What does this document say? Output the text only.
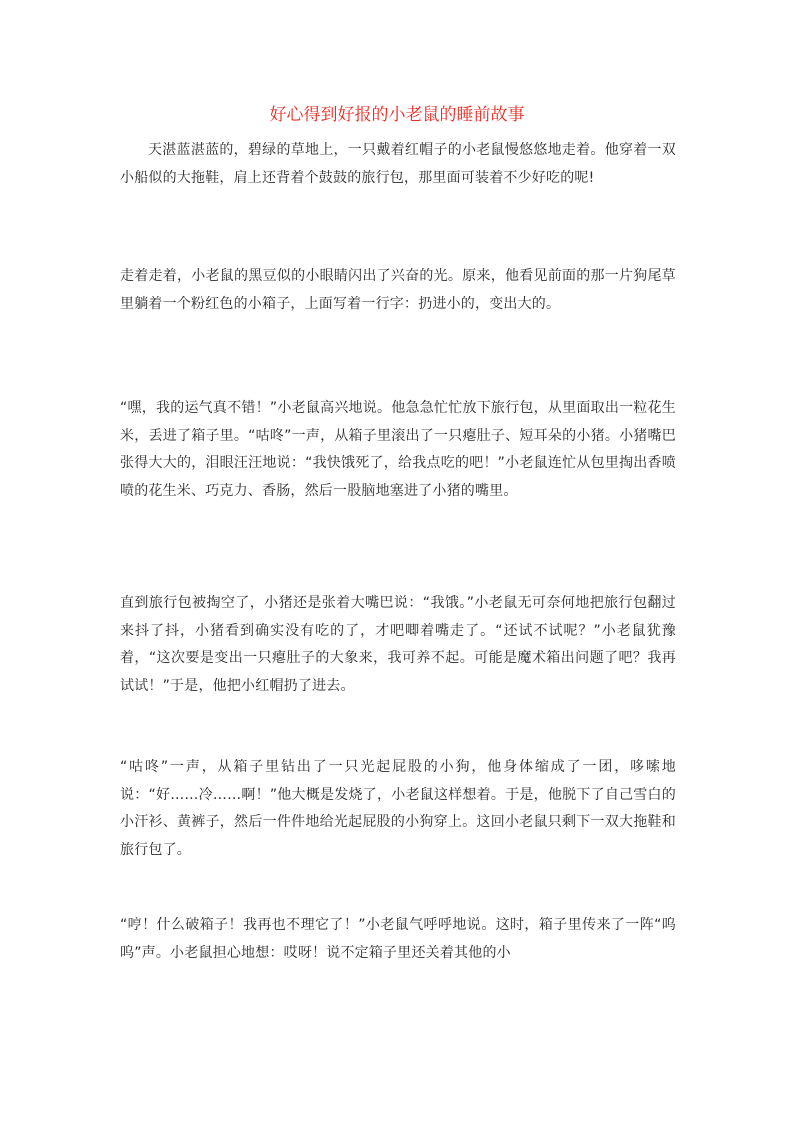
好心得到好报的小老鼠的睡前故事

天湛蓝湛蓝的，碧绿的草地上，一只戴着红帽子的小老鼠慢悠悠地走着。他穿着一双小船似的大拖鞋，肩上还背着个鼓鼓的旅行包，那里面可装着不少好吃的呢!

走着走着，小老鼠的黑豆似的小眼睛闪出了兴奋的光。原来，他看见前面的那一片狗尾草里躺着一个粉红色的小箱子，上面写着一行字：扔进小的，变出大的。

“嘿，我的运气真不错！”小老鼠高兴地说。他急急忙忙放下旅行包，从里面取出一粒花生米，丢进了箱子里。“咕咚”一声，从箱子里滚出了一只瘪肚子、短耳朵的小猪。小猪嘴巴张得大大的，泪眼汪汪地说：“我快饿死了，给我点吃的吧！”小老鼠连忙从包里掏出香喷喷的花生米、巧克力、香肠，然后一股脑地塞进了小猪的嘴里。

直到旅行包被掏空了，小猪还是张着大嘴巴说：“我饿。”小老鼠无可奈何地把旅行包翻过来抖了抖，小猪看到确实没有吃的了，才吧唧着嘴走了。“还试不试呢？”小老鼠犹豫着，“这次要是变出一只瘪肚子的大象来，我可养不起。可能是魔术箱出问题了吧？我再试试！”于是，他把小红帽扔了进去。

“咕咚”一声，从箱子里钻出了一只光起屁股的小狗，他身体缩成了一团，哆嗦地说：“好……冷……啊！”他大概是发烧了，小老鼠这样想着。于是，他脱下了自己雪白的小汗衫、黄裤子，然后一件件地给光起屁股的小狗穿上。这回小老鼠只剩下一双大拖鞋和旅行包了。

“哼！什么破箱子！我再也不理它了！”小老鼠气呼呼地说。这时，箱子里传来了一阵“呜呜”声。小老鼠担心地想：哎呀！说不定箱子里还关着其他的小
